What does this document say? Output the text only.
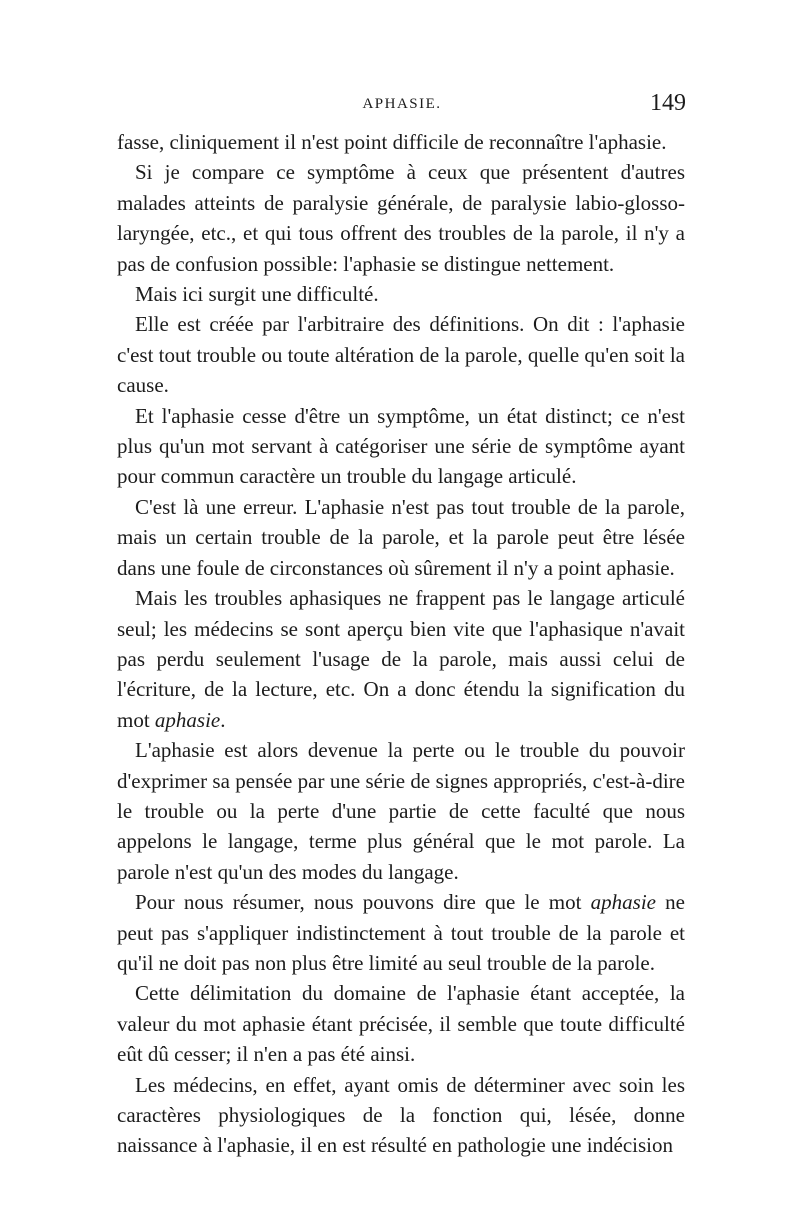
APHASIE.	149

fasse, cliniquement il n'est point difficile de reconnaître l'aphasie.

Si je compare ce symptôme à ceux que présentent d'autres malades atteints de paralysie générale, de paralysie labio-glosso-laryngée, etc., et qui tous offrent des troubles de la parole, il n'y a pas de confusion possible: l'aphasie se distingue nettement.

Mais ici surgit une difficulté.

Elle est créée par l'arbitraire des définitions. On dit : l'aphasie c'est tout trouble ou toute altération de la parole, quelle qu'en soit la cause.

Et l'aphasie cesse d'être un symptôme, un état distinct; ce n'est plus qu'un mot servant à catégoriser une série de symptôme ayant pour commun caractère un trouble du langage articulé.

C'est là une erreur. L'aphasie n'est pas tout trouble de la parole, mais un certain trouble de la parole, et la parole peut être lésée dans une foule de circonstances où sûrement il n'y a point aphasie.

Mais les troubles aphasiques ne frappent pas le langage articulé seul; les médecins se sont aperçu bien vite que l'aphasique n'avait pas perdu seulement l'usage de la parole, mais aussi celui de l'écriture, de la lecture, etc. On a donc étendu la signification du mot aphasie.

L'aphasie est alors devenue la perte ou le trouble du pouvoir d'exprimer sa pensée par une série de signes appropriés, c'est-à-dire le trouble ou la perte d'une partie de cette faculté que nous appelons le langage, terme plus général que le mot parole. La parole n'est qu'un des modes du langage.

Pour nous résumer, nous pouvons dire que le mot aphasie ne peut pas s'appliquer indistinctement à tout trouble de la parole et qu'il ne doit pas non plus être limité au seul trouble de la parole.

Cette délimitation du domaine de l'aphasie étant acceptée, la valeur du mot aphasie étant précisée, il semble que toute difficulté eût dû cesser; il n'en a pas été ainsi.

Les médecins, en effet, ayant omis de déterminer avec soin les caractères physiologiques de la fonction qui, lésée, donne naissance à l'aphasie, il en est résulté en pathologie une indécision
